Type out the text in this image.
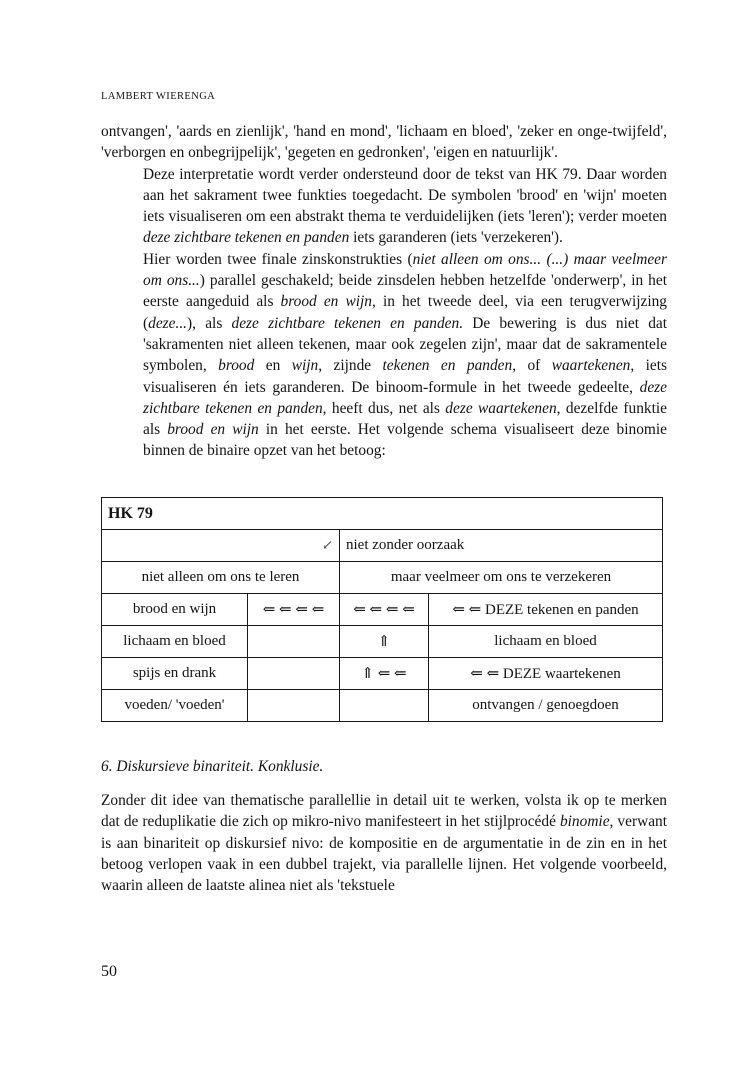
LAMBERT WIERENGA

ontvangen', 'aards en zienlijk', 'hand en mond', 'lichaam en bloed', 'zeker en onge-twijfeld', 'verborgen en onbegrijpelijk', 'gegeten en gedronken', 'eigen en natuurlijk'.

Deze interpretatie wordt verder ondersteund door de tekst van HK 79. Daar worden aan het sakrament twee funkties toegedacht. De symbolen 'brood' en 'wijn' moeten iets visualiseren om een abstrakt thema te verduidelijken (iets 'leren'); verder moeten deze zichtbare tekenen en panden iets garanderen (iets 'verzekeren').

Hier worden twee finale zinskonstrukties (niet alleen om ons... (...) maar veelmeer om ons...) parallel geschakeld; beide zinsdelen hebben hetzelfde 'onderwerp', in het eerste aangeduid als brood en wijn, in het tweede deel, via een terugverwijzing (deze...), als deze zichtbare tekenen en panden. De bewering is dus niet dat 'sakramenten niet alleen tekenen, maar ook zegelen zijn', maar dat de sakramentele symbolen, brood en wijn, zijnde tekenen en panden, of waartekenen, iets visualiseren én iets garanderen. De binoom-formule in het tweede gedeelte, deze zichtbare tekenen en panden, heeft dus, net als deze waartekenen, dezelfde funktie als brood en wijn in het eerste. Het volgende schema visualiseert deze binomie binnen de binaire opzet van het betoog:

HK 79			
↙		niet zonder oorzaak	
niet alleen om ons te leren		maar veelmeer om ons te verzekeren	
brood en wijn	⇐ ⇐ ⇐ ⇐	⇐ ⇐ ⇐ ⇐	⇐ ⇐ DEZE tekenen en panden
lichaam en bloed		⇑	lichaam en bloed
spijs en drank		⇑ ⇐ ⇐	⇐ ⇐ DEZE waartekenen
voeden/ 'voeden'			ontvangen / genoegdoen
6. Diskursieve binariteit. Konklusie.

Zonder dit idee van thematische parallellie in detail uit te werken, volsta ik op te merken dat de reduplikatie die zich op mikro-nivo manifesteert in het stijlprocédé binomie, verwant is aan binariteit op diskursief nivo: de kompositie en de argumentatie in de zin en in het betoog verlopen vaak in een dubbel trajekt, via parallelle lijnen. Het volgende voorbeeld, waarin alleen de laatste alinea niet als 'tekstuele

50
